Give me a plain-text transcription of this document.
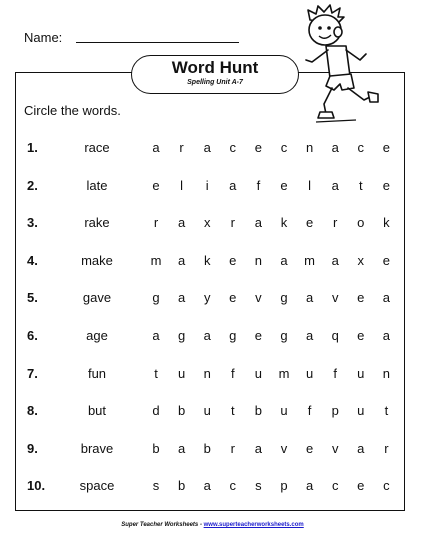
Name:
Word Hunt
Spelling Unit A-7
Circle the words.
1.	race	a	r	a	c	e	c	n	a	c	e
2.	late	e	l	i	a	f	e	l	a	t	e
3.	rake	r	a	x	r	a	k	e	r	o	k
4.	make	m	a	k	e	n	a	m	a	x	e
5.	gave	g	a	y	e	v	g	a	v	e	a
6.	age	a	g	a	g	e	g	a	q	e	a
7.	fun	t	u	n	f	u	m	u	f	u	n
8.	but	d	b	u	t	b	u	f	p	u	t
9.	brave	b	a	b	r	a	v	e	v	a	r
10.	space	s	b	a	c	s	p	a	c	e	c
Super Teacher Worksheets - www.superteacherworksheets.com
